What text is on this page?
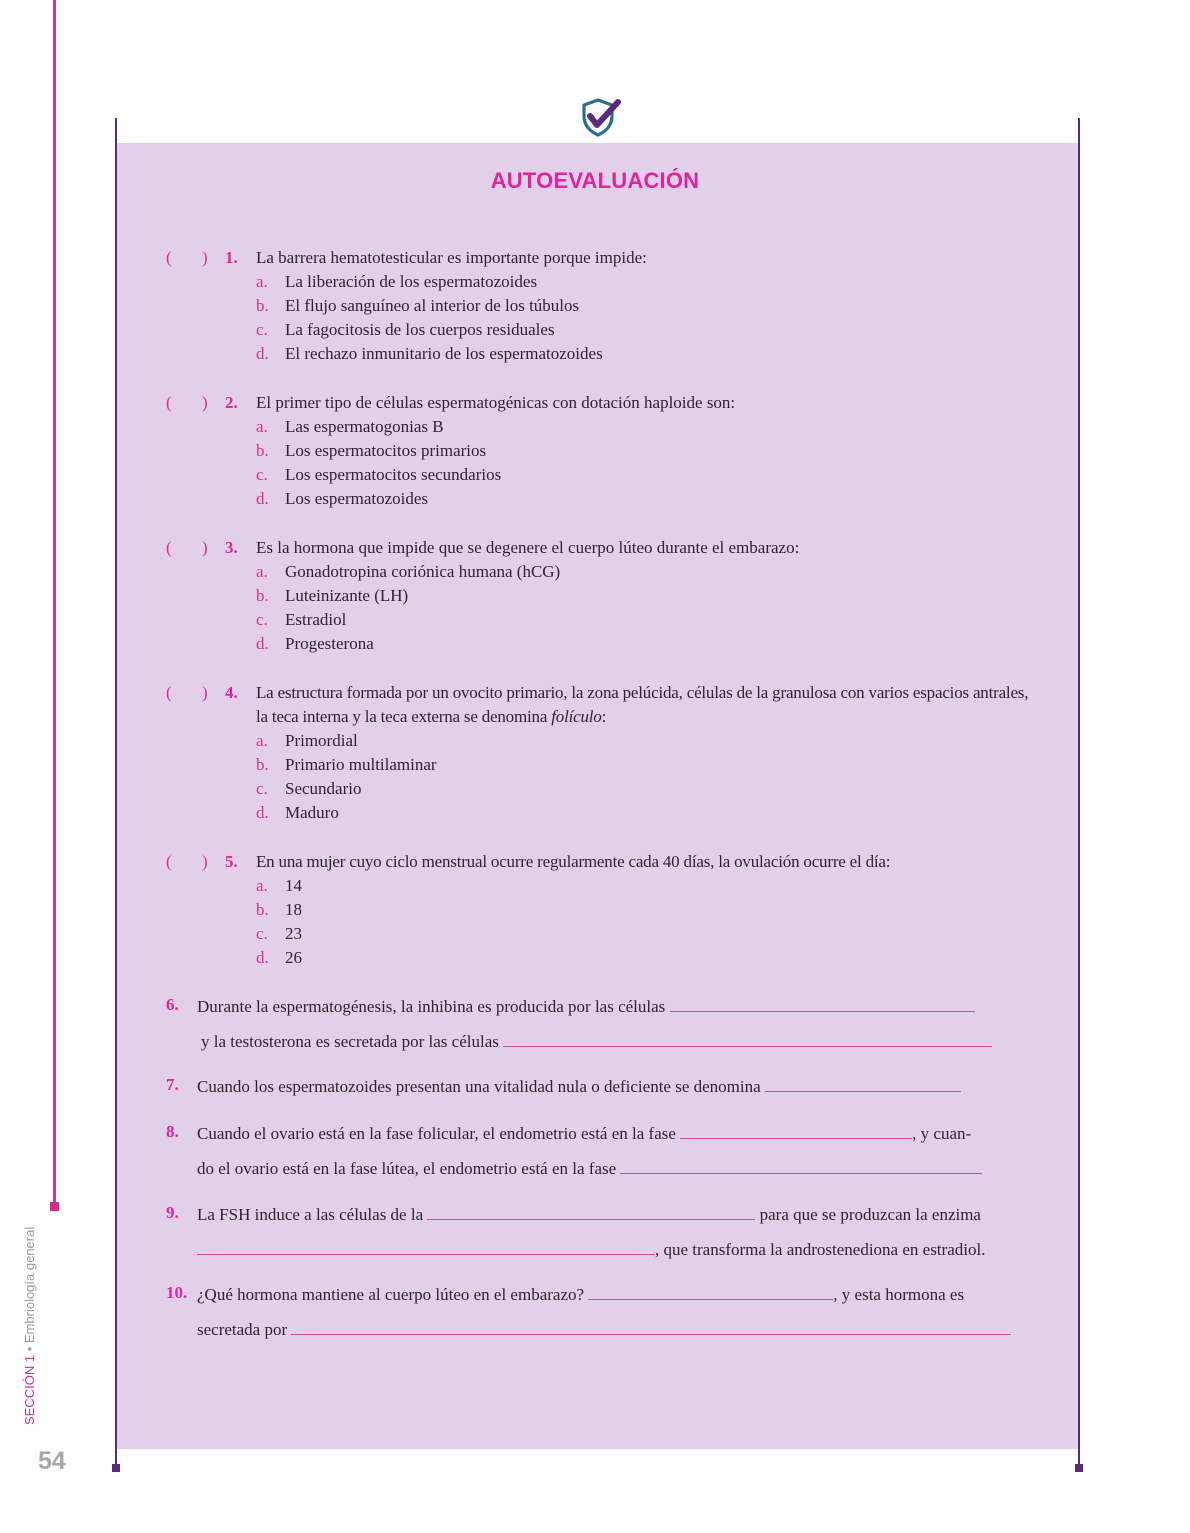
SECCIÓN 1 • Embriología general
54
AUTOEVALUACIÓN
( ) 1. La barrera hematotesticular es importante porque impide:
a. La liberación de los espermatozoides
b. El flujo sanguíneo al interior de los túbulos
c. La fagocitosis de los cuerpos residuales
d. El rechazo inmunitario de los espermatozoides
( ) 2. El primer tipo de células espermatogénicas con dotación haploide son:
a. Las espermatogonias B
b. Los espermatocitos primarios
c. Los espermatocitos secundarios
d. Los espermatozoides
( ) 3. Es la hormona que impide que se degenere el cuerpo lúteo durante el embarazo:
a. Gonadotropina coriónica humana (hCG)
b. Luteinizante (LH)
c. Estradiol
d. Progesterona
( ) 4. La estructura formada por un ovocito primario, la zona pelúcida, células de la granulosa con varios espacios antrales, la teca interna y la teca externa se denomina folículo:
a. Primordial
b. Primario multilaminar
c. Secundario
d. Maduro
( ) 5. En una mujer cuyo ciclo menstrual ocurre regularmente cada 40 días, la ovulación ocurre el día:
a. 14
b. 18
c. 23
d. 26
6. Durante la espermatogénesis, la inhibina es producida por las células
y la testosterona es secretada por las células
7. Cuando los espermatozoides presentan una vitalidad nula o deficiente se denomina
8. Cuando el ovario está en la fase folicular, el endometrio está en la fase	, y cuan-
do el ovario está en la fase lútea, el endometrio está en la fase
9. La FSH induce a las células de la	para que se produzcan la enzima
, que transforma la androstenediona en estradiol.
10. ¿Qué hormona mantiene al cuerpo lúteo en el embarazo?	, y esta hormona es
secretada por
